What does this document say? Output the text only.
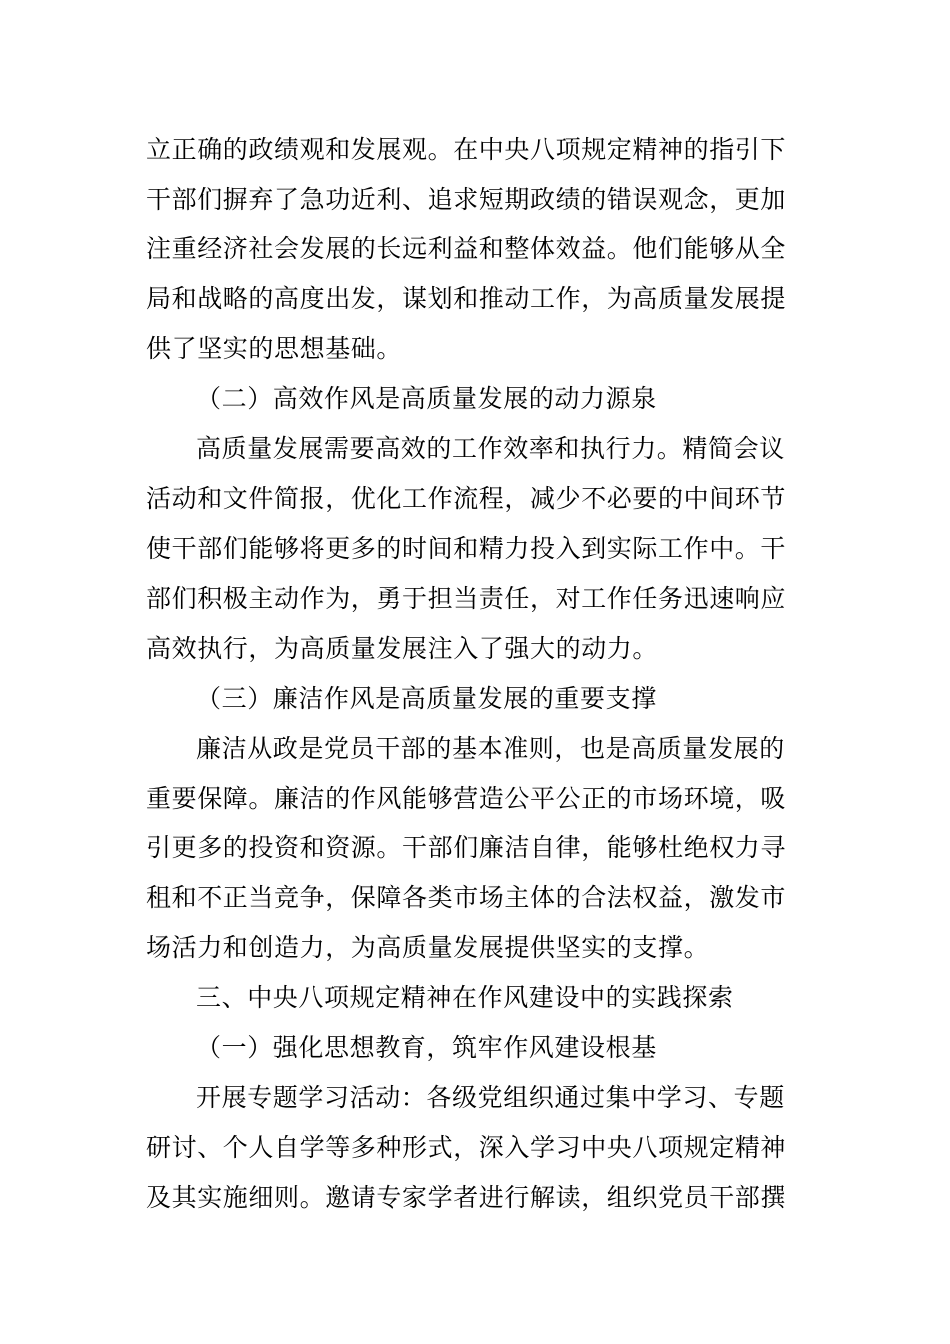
立正确的政绩观和发展观。在中央八项规定精神的指引下
干部们摒弃了急功近利、追求短期政绩的错误观念，更加
注重经济社会发展的长远利益和整体效益。他们能够从全
局和战略的高度出发，谋划和推动工作，为高质量发展提
供了坚实的思想基础。
（二）高效作风是高质量发展的动力源泉
高质量发展需要高效的工作效率和执行力。精简会议
活动和文件简报，优化工作流程，减少不必要的中间环节
使干部们能够将更多的时间和精力投入到实际工作中。干
部们积极主动作为，勇于担当责任，对工作任务迅速响应
高效执行，为高质量发展注入了强大的动力。
（三）廉洁作风是高质量发展的重要支撑
廉洁从政是党员干部的基本准则，也是高质量发展的
重要保障。廉洁的作风能够营造公平公正的市场环境，吸
引更多的投资和资源。干部们廉洁自律，能够杜绝权力寻
租和不正当竞争，保障各类市场主体的合法权益，激发市
场活力和创造力，为高质量发展提供坚实的支撑。
三、中央八项规定精神在作风建设中的实践探索
（一）强化思想教育，筑牢作风建设根基
开展专题学习活动：各级党组织通过集中学习、专题
研讨、个人自学等多种形式，深入学习中央八项规定精神
及其实施细则。邀请专家学者进行解读，组织党员干部撰
